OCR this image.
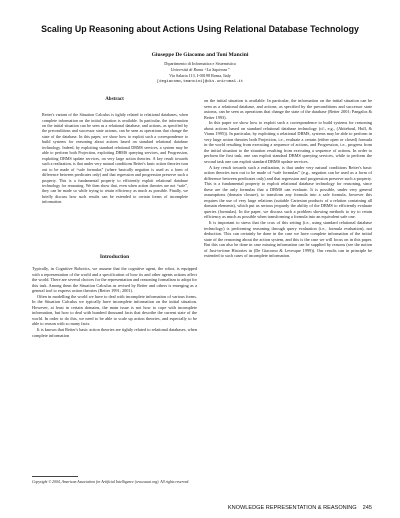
Scaling Up Reasoning about Actions Using Relational Database Technology
Giuseppe De Giacomo and Toni Mancini
Dipartimento di Informatica e Sistemistica
Università di Roma “La Sapienza”
Via Salaria 113, I-00198 Roma, Italy
[degiacomo,tmancini]@dis.uniroma1.it
Abstract

Reiter's variant of the Situation Calculus is tightly related to relational databases, when complete information on the initial situation is available. In particular, the information on the initial situation can be seen as a relational database, and actions, as specified by the preconditions and successor state axioms, can be seen as operations that change the state of the database. In this paper, we show how to exploit such a correspondence to build systems for reasoning about actions based on standard relational database technology. Indeed, by exploiting standard relational DBMS services, a system may be able to perform both Projection, exploiting DBMS querying services, and Progression, exploiting DBMS update services, on very large action theories. A key result towards such a realization, is that under very natural conditions Reiter's basic action theories turn out to be made of “safe formulas” (where basically negation is used as a form of difference between predicates only) and that regression and progression preserve such a property. This is a fundamental property to efficiently exploit relational database technology for reasoning. We then show that, even when action theories are not “safe”, they can be made so while trying to retain efficiency as much as possible. Finally, we briefly discuss how such results can be extended to certain forms of incomplete information.

Introduction

Typically, in Cognitive Robotics, we assume that the cognitive agent, the robot, is equipped with a representation of the world and a specification of how its and other agents actions affect the world. There are several choices for the representation and reasoning formalism to adopt for this task. Among them the Situation Calculus as revised by Reiter and others is emerging as a general tool to express action theories (Reiter 1991; 2001).

Often in modelling the world we have to deal with incomplete information of various forms. In the Situation Calculus we typically have incomplete information on the initial situation. However, at least in certain domains, the main issue is not how to cope with incomplete information, but how to deal with hundred thousand facts that describe the current state of the world. In order to do this, we need to be able to scale up action theories, and especially to be able to reason with so many facts.

It is known that Reiter's basic action theories are tightly related to relational databases, when complete information

Copyright © 2004, American Association for Artificial Intelligence (www.aaai.org). All rights reserved.

on the initial situation is available. In particular, the information on the initial situation can be seen as a relational database, and actions, as specified by the preconditions and successor state axioms, can be seen as operations that change the state of the database (Reiter 2001; Pangalos & Reiter 1993).

In this paper we show how to exploit such a correspondence to build systems for reasoning about actions based on standard relational database technology (cf., e.g., (Abiteboul, Hull, & Vianu 1995)). In particular, by exploiting a relational DBMS, systems may be able to perform in very large action theories both Projection, i.e., evaluate a certain (either open or closed) formula in the world resulting from executing a sequence of actions, and Progression, i.e., progress from the initial situation to the situation resulting from executing a sequence of actions. In order to perform the first task, one can exploit standard DBMS querying services, while to perform the second task one can exploit standard DBMS update services.

A key result towards such a realization, is that under very natural conditions Reiter's basic action theories turn out to be made of “safe formulas” (e.g., negation can be used as a form of difference between predicates only) and that regression and progression preserve such a property. This is a fundamental property to exploit relational database technology for reasoning, since these are the only formulas that a DBMS can evaluate. It is possible, under very general assumptions (domain closure), to transform any formula into a safe formula, however this requires the use of very large relations (suitable Cartesian products of a relation containing all domain elements), which put us serious jeopardy the ability of the DBMS to efficiently evaluate queries (formulas). In the paper, we discuss such a problem showing methods to try to retain efficiency as much as possible when transforming a formula into an equivalent safe one.

It is important to stress that the crux of this setting (i.e., using standard relational database technology) is performing reasoning through query evaluation (i.e., formula evaluation), not deduction. This can certainly be done in the case we have complete information of the initial state of the reasoning about the action system, and this is the case we will focus on in this paper. But this can also be done in case missing information can be supplied by reasons (see the notion of Just-in-time Histories in (De Giacomo & Levesque 1999)). Our results can in principle be extended to such cases of incomplete information.

KNOWLEDGE REPRESENTATION & REASONING 245
